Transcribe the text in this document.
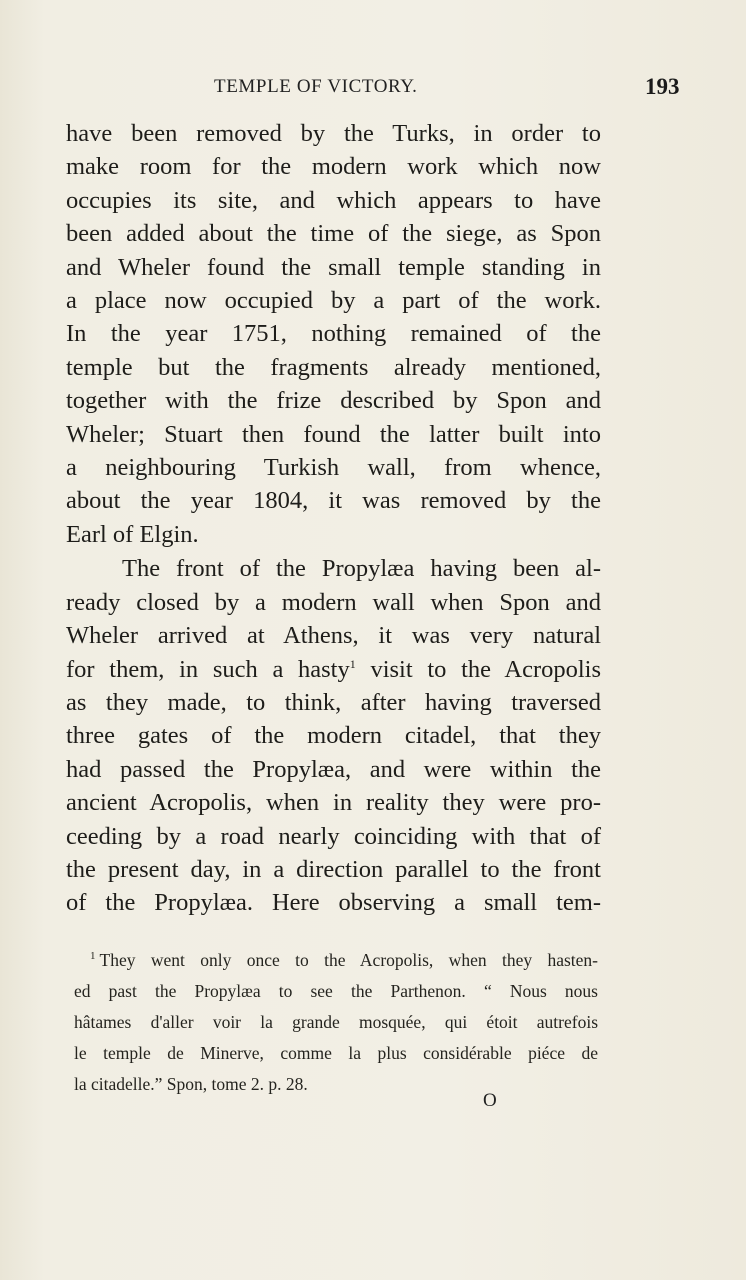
TEMPLE OF VICTORY.	193
have been removed by the Turks, in order to
make room for the modern work which now
occupies its site, and which appears to have
been added about the time of the siege, as Spon
and Wheler found the small temple standing in
a place now occupied by a part of the work.
In the year 1751, nothing remained of the
temple but the fragments already mentioned,
together with the frize described by Spon and
Wheler; Stuart then found the latter built into
a neighbouring Turkish wall, from whence,
about the year 1804, it was removed by the
Earl of Elgin.
The front of the Propylæa having been al-
ready closed by a modern wall when Spon and
Wheler arrived at Athens, it was very natural
for them, in such a hasty$^1$ visit to the Acropolis
as they made, to think, after having traversed
three gates of the modern citadel, that they
had passed the Propylæa, and were within the
ancient Acropolis, when in reality they were pro-
ceeding by a road nearly coinciding with that of
the present day, in a direction parallel to the front
of the Propylæa. Here observing a small tem-
$^1$ They went only once to the Acropolis, when they hasten-
ed past the Propylæa to see the Parthenon. “ Nous nous
hâtames d'aller voir la grande mosquée, qui étoit autrefois
le temple de Minerve, comme la plus considérable piéce de
la citadelle.” Spon, tome 2. p. 28.
O
